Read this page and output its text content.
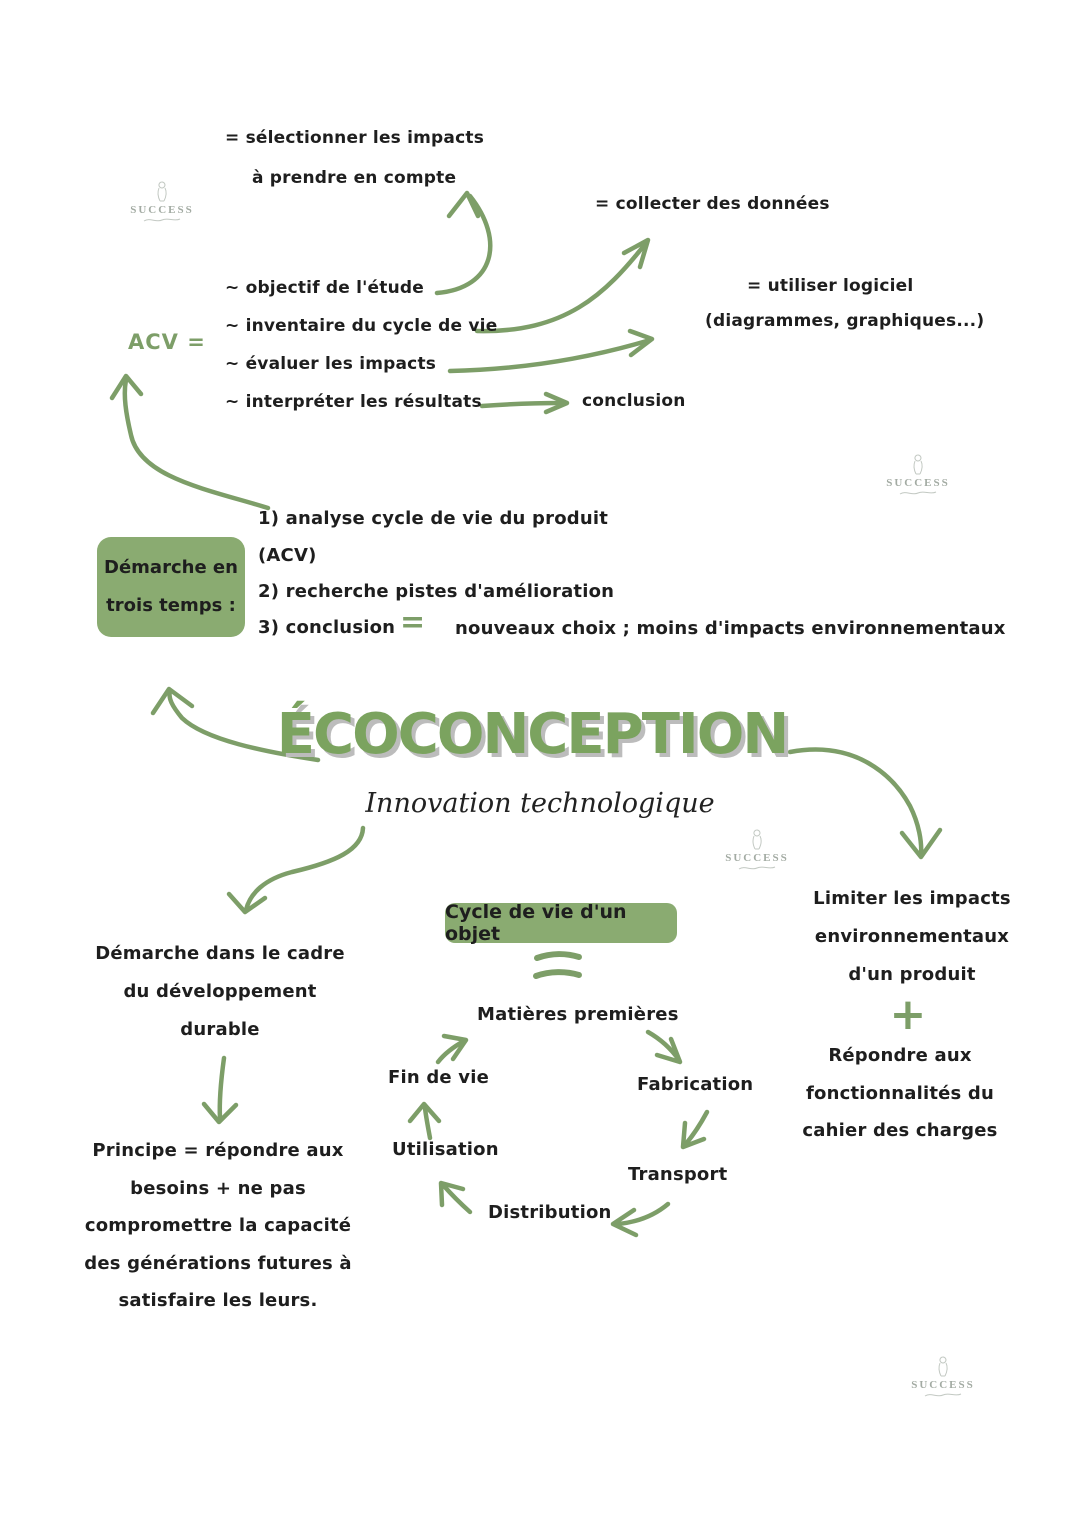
SUCCESS
SUCCESS
SUCCESS
SUCCESS
= sélectionner les impacts
à prendre en compte
= collecter des données
~ objectif de l'étude	= utiliser logiciel
~ inventaire du cycle de vie	(diagrammes, graphiques...)
ACV =
~ évaluer les impacts
~ interpréter les résultats	conclusion
Démarche en
trois temps :
1) analyse cycle de vie du produit
(ACV)
2) recherche pistes d'amélioration
3) conclusion = nouveaux choix ; moins d'impacts environnementaux
ÉCOCONCEPTION
Innovation technologique
Démarche dans le cadre
du développement
durable
Principe = répondre aux
besoins + ne pas
compromettre la capacité
des générations futures à
satisfaire les leurs.
Cycle de vie d'un objet
Matières premières
Fabrication
Transport
Distribution
Utilisation
Fin de vie
Limiter les impacts
environnementaux
d'un produit
+
Répondre aux
fonctionnalités du
cahier des charges
